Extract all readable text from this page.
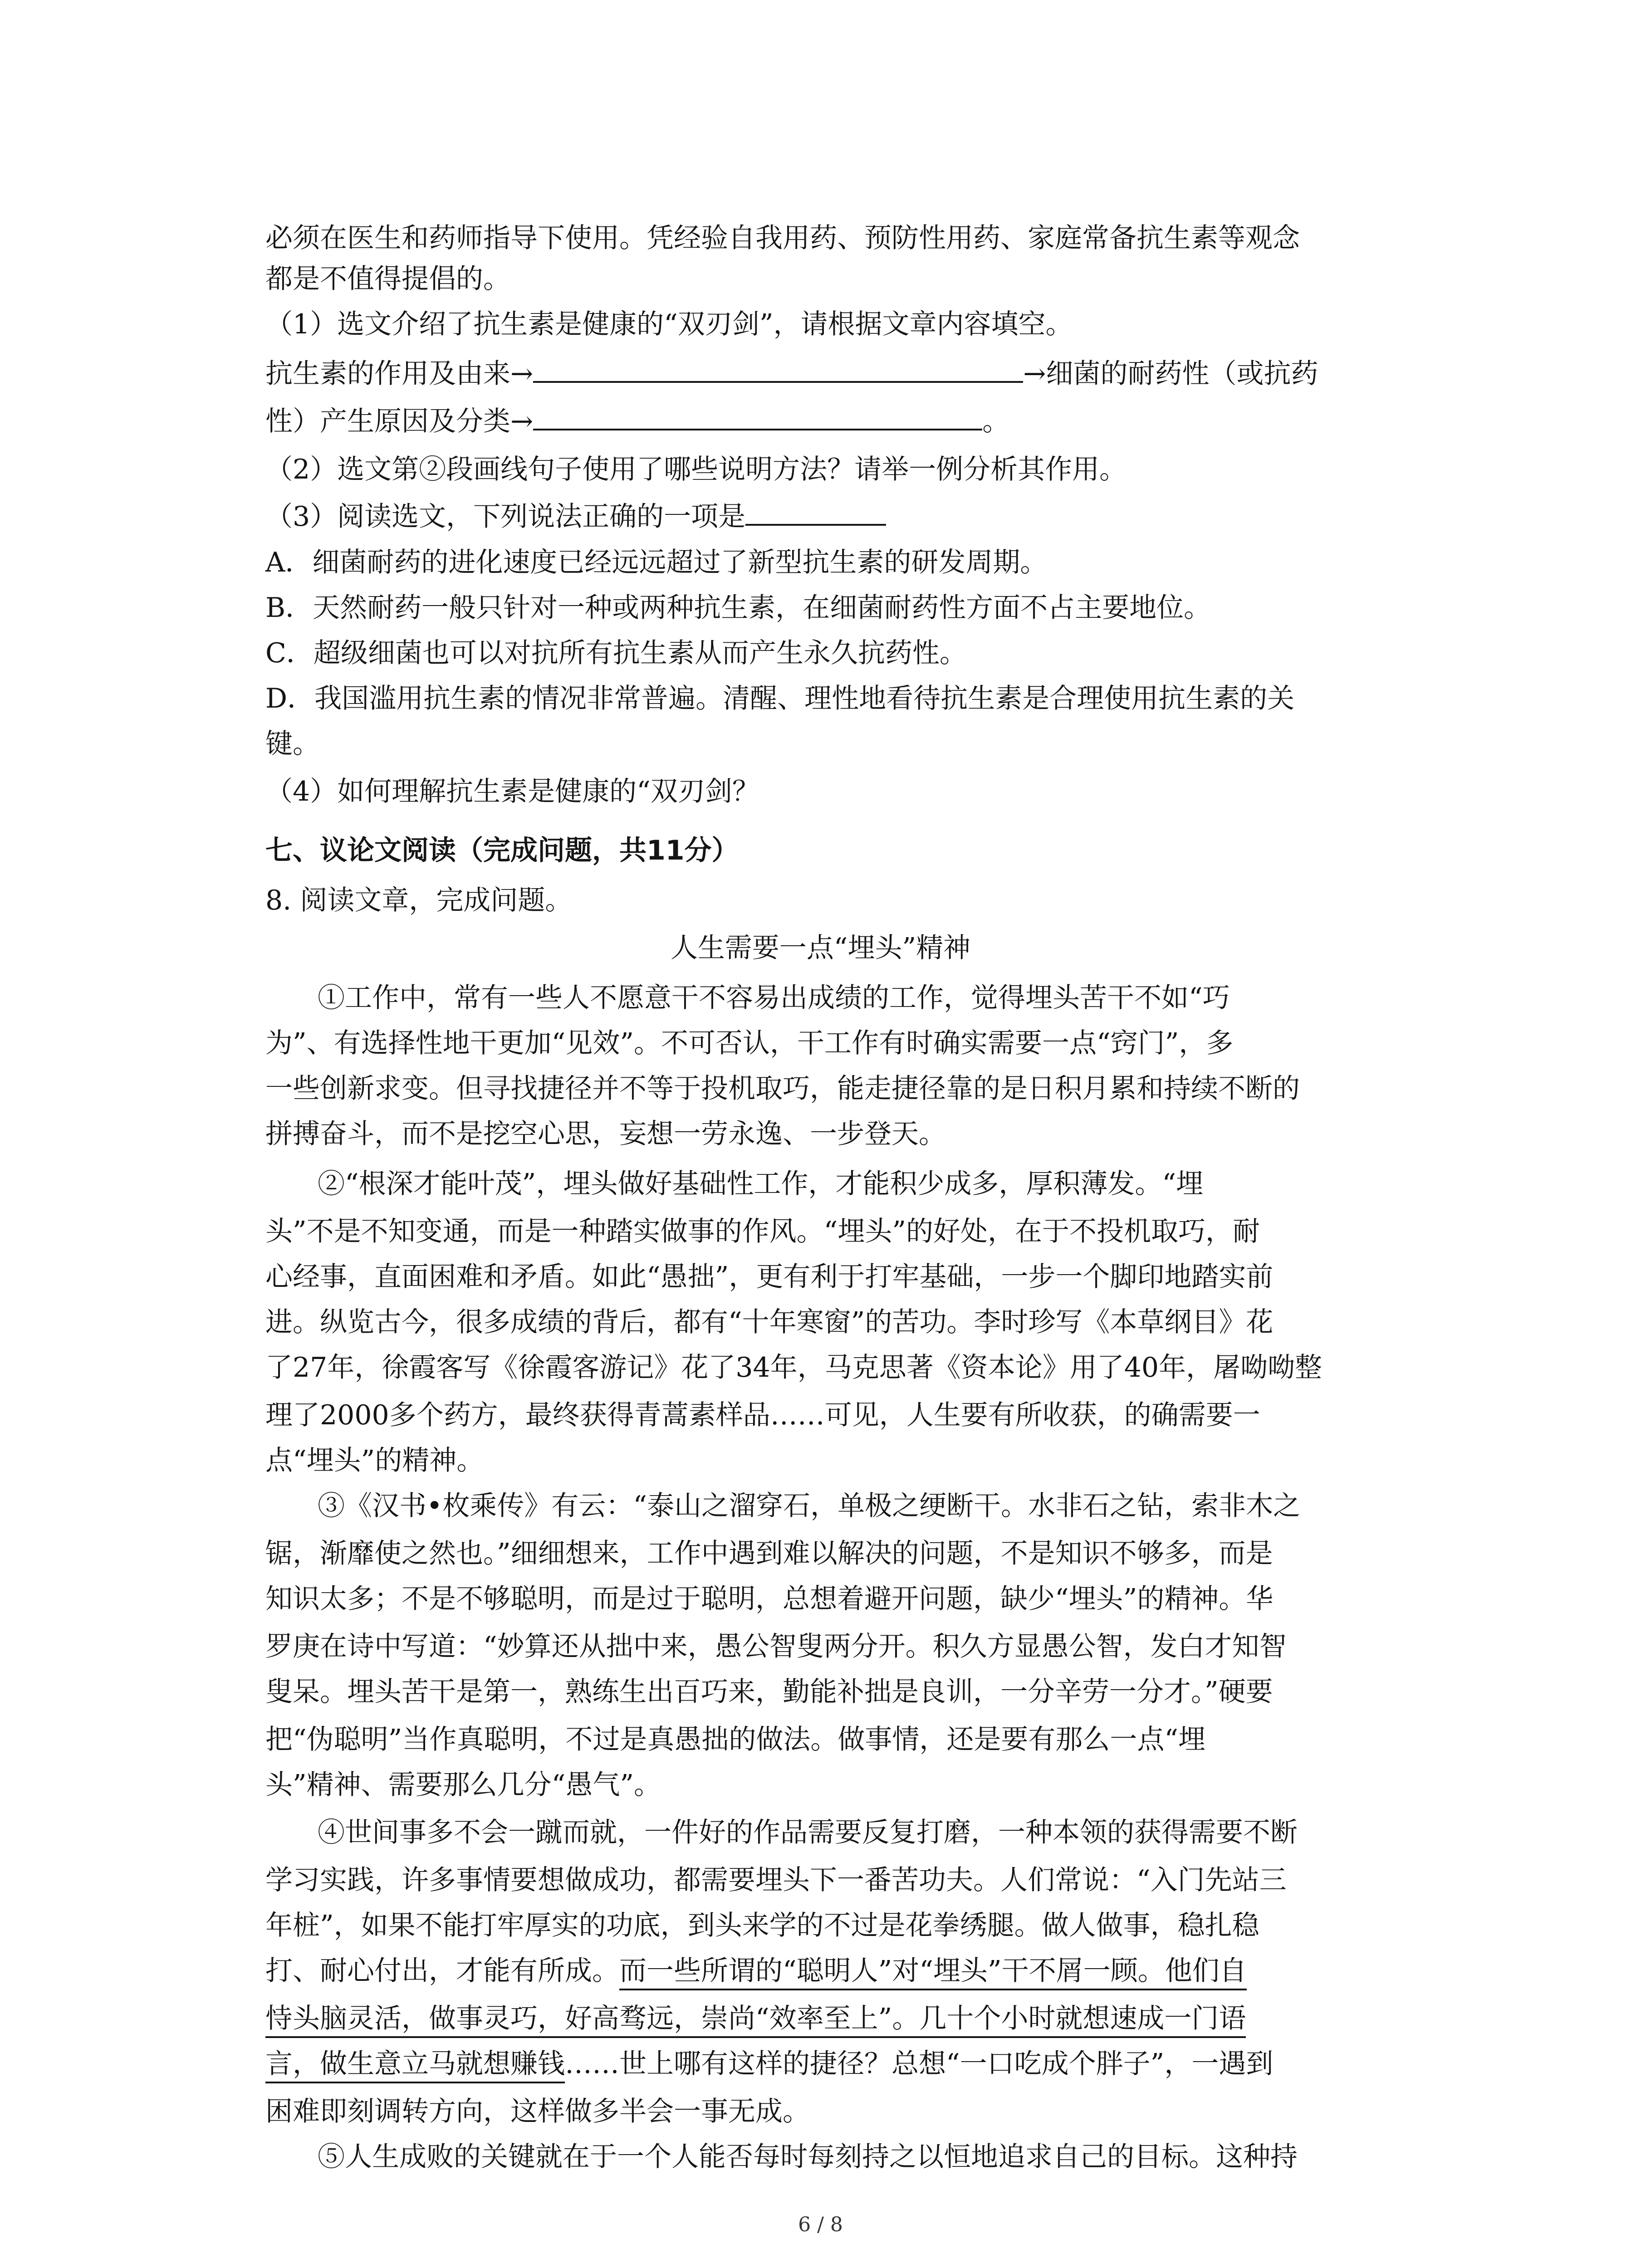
必须在医生和药师指导下使用。凭经验自我用药、预防性用药、家庭常备抗生素等观念
都是不值得提倡的。
（1）选文介绍了抗生素是健康的“双刃剑”，请根据文章内容填空。
抗生素的作用及由来→	→细菌的耐药性（或抗药
性）产生原因及分类→	。
（2）选文第②段画线句子使用了哪些说明方法？请举一例分析其作用。
（3）阅读选文，下列说法正确的一项是
A．细菌耐药的进化速度已经远远超过了新型抗生素的研发周期。
B．天然耐药一般只针对一种或两种抗生素，在细菌耐药性方面不占主要地位。
C．超级细菌也可以对抗所有抗生素从而产生永久抗药性。
D．我国滥用抗生素的情况非常普遍。清醒、理性地看待抗生素是合理使用抗生素的关
键。
（4）如何理解抗生素是健康的“双刃剑？
七、议论文阅读（完成问题，共11分）
8. 阅读文章，完成问题。
人生需要一点“埋头”精神
①工作中，常有一些人不愿意干不容易出成绩的工作，觉得埋头苦干不如“巧
为”、有选择性地干更加“见效”。不可否认，干工作有时确实需要一点“窍门”，多
一些创新求变。但寻找捷径并不等于投机取巧，能走捷径靠的是日积月累和持续不断的
拼搏奋斗，而不是挖空心思，妄想一劳永逸、一步登天。
②“根深才能叶茂”，埋头做好基础性工作，才能积少成多，厚积薄发。“埋
头”不是不知变通，而是一种踏实做事的作风。“埋头”的好处，在于不投机取巧，耐
心经事，直面困难和矛盾。如此“愚拙”，更有利于打牢基础，一步一个脚印地踏实前
进。纵览古今，很多成绩的背后，都有“十年寒窗”的苦功。李时珍写《本草纲目》花
了27年，徐霞客写《徐霞客游记》花了34年，马克思著《资本论》用了40年，屠呦呦整
理了2000多个药方，最终获得青蒿素样品……可见，人生要有所收获，的确需要一
点“埋头”的精神。
③《汉书•枚乘传》有云：“泰山之溜穿石，单极之绠断干。水非石之钻，索非木之
锯，渐靡使之然也。”细细想来，工作中遇到难以解决的问题，不是知识不够多，而是
知识太多；不是不够聪明，而是过于聪明，总想着避开问题，缺少“埋头”的精神。华
罗庚在诗中写道：“妙算还从拙中来，愚公智叟两分开。积久方显愚公智，发白才知智
叟呆。埋头苦干是第一，熟练生出百巧来，勤能补拙是良训，一分辛劳一分才。”硬要
把“伪聪明”当作真聪明，不过是真愚拙的做法。做事情，还是要有那么一点“埋
头”精神、需要那么几分“愚气”。
④世间事多不会一蹴而就，一件好的作品需要反复打磨，一种本领的获得需要不断
学习实践，许多事情要想做成功，都需要埋头下一番苦功夫。人们常说：“入门先站三
年桩”，如果不能打牢厚实的功底，到头来学的不过是花拳绣腿。做人做事，稳扎稳
打、耐心付出，才能有所成。而一些所谓的“聪明人”对“埋头”干不屑一顾。他们自
恃头脑灵活，做事灵巧，好高骛远，崇尚“效率至上”。几十个小时就想速成一门语
言，做生意立马就想赚钱……世上哪有这样的捷径？总想“一口吃成个胖子”，一遇到
困难即刻调转方向，这样做多半会一事无成。
⑤人生成败的关键就在于一个人能否每时每刻持之以恒地追求自己的目标。这种持
6 / 8
